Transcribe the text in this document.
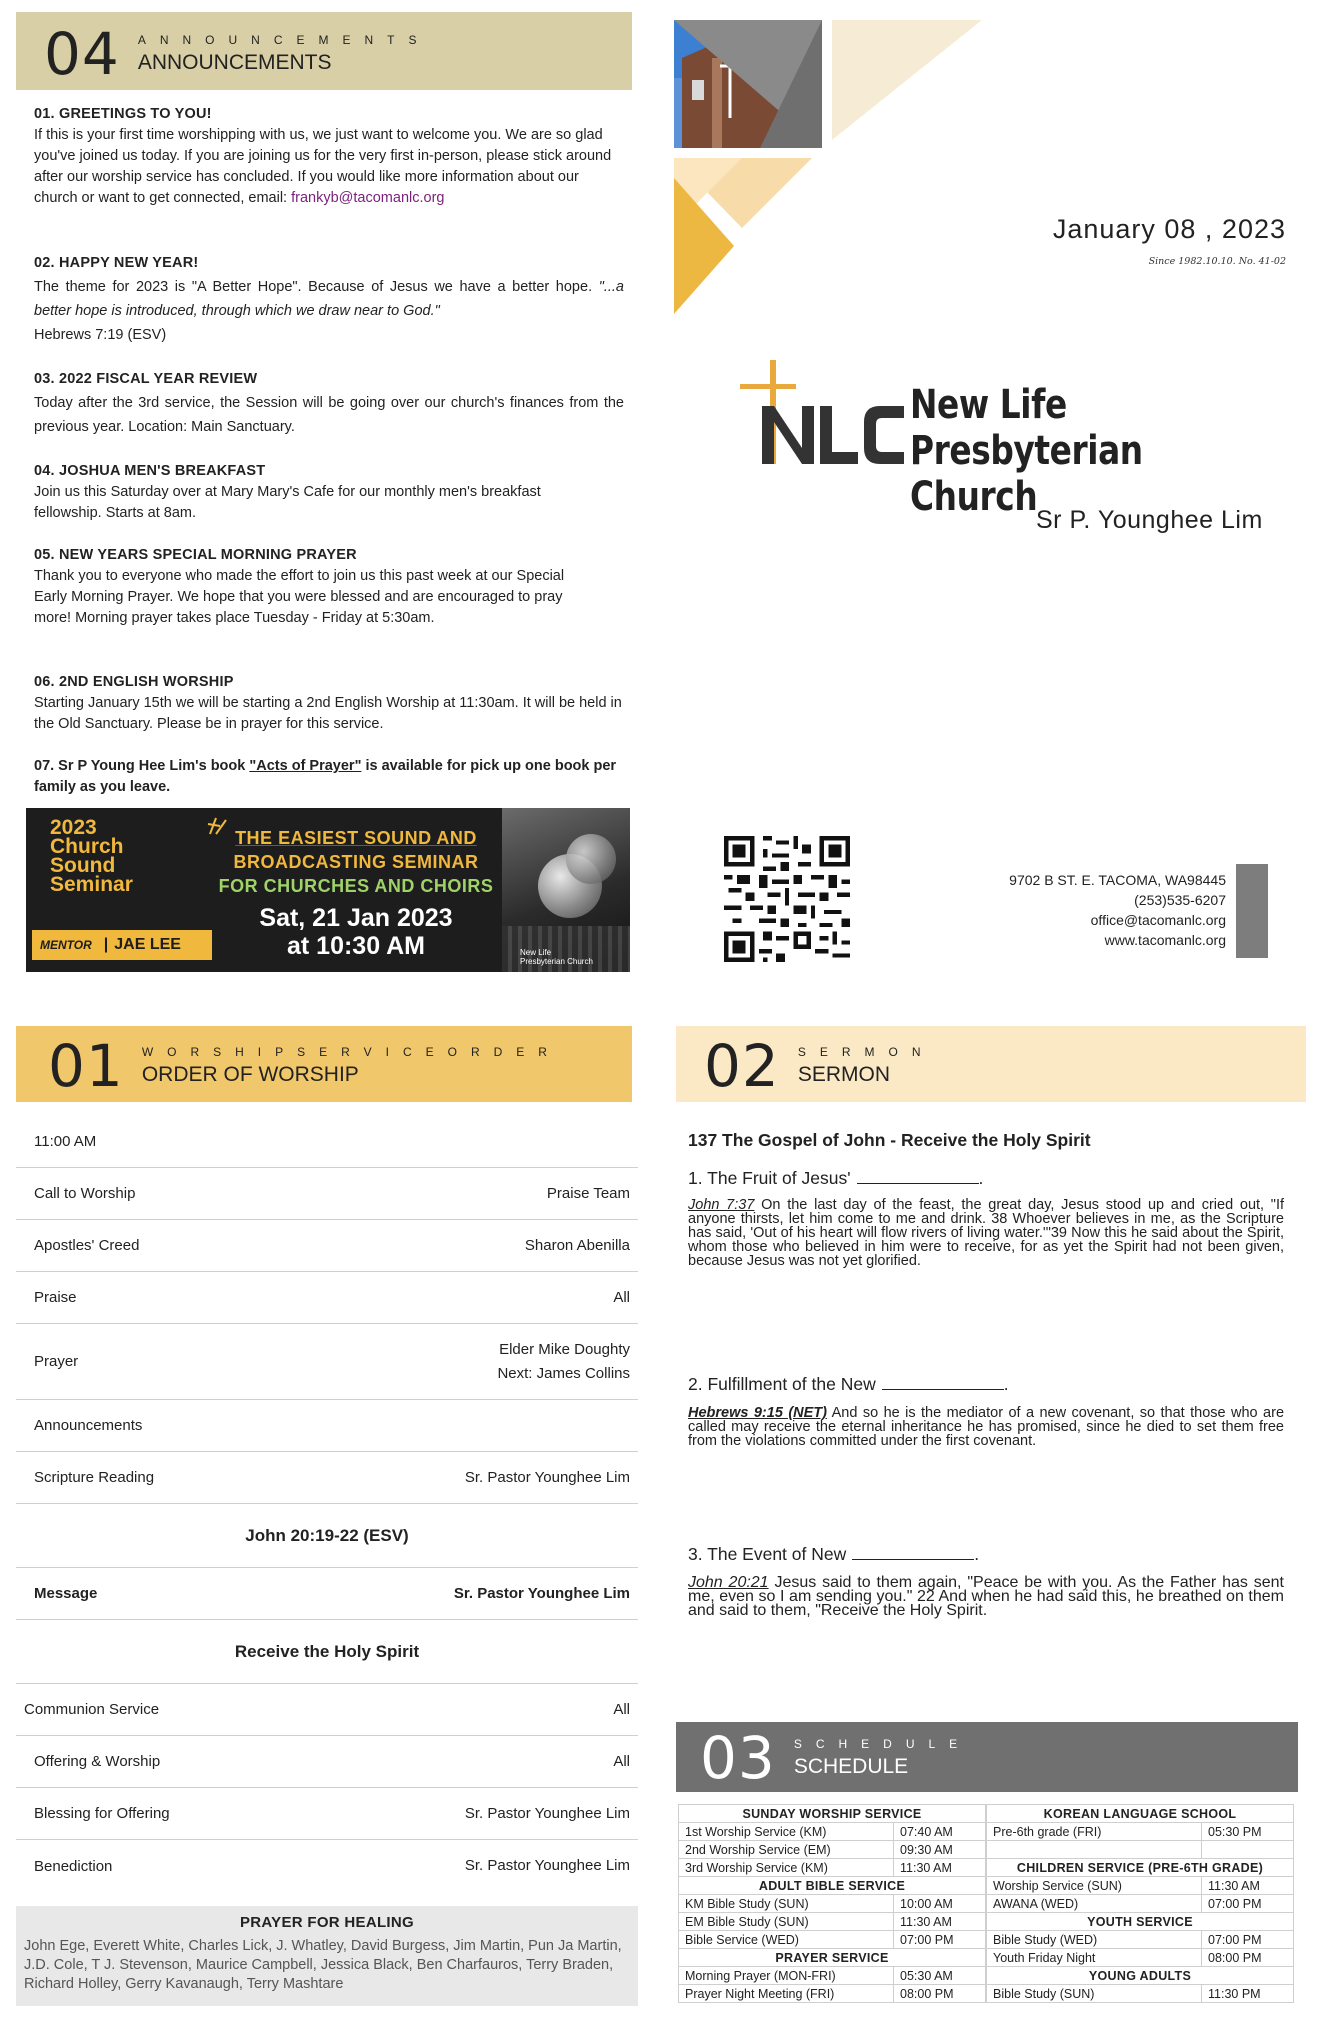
04 ANNOUNCEMENTS
ANNOUNCEMENTS
01. GREETINGS TO YOU!
If this is your first time worshipping with us, we just want to welcome you. We are so glad you've joined us today. If you are joining us for the very first in-person, please stick around after our worship service has concluded. If you would like more information about our church or want to get connected, email: frankyb@tacomanlc.org
02. HAPPY NEW YEAR!
The theme for 2023 is "A Better Hope". Because of Jesus we have a better hope. "...a better hope is introduced, through which we draw near to God."
Hebrews 7:19 (ESV)
03. 2022 FISCAL YEAR REVIEW
Today after the 3rd service, the Session will be going over our church's finances from the previous year. Location: Main Sanctuary.
04. JOSHUA MEN'S BREAKFAST
Join us this Saturday over at Mary Mary's Cafe for our monthly men's breakfast fellowship. Starts at 8am.
05. NEW YEARS SPECIAL MORNING PRAYER
Thank you to everyone who made the effort to join us this past week at our Special Early Morning Prayer. We hope that you were blessed and are encouraged to pray more! Morning prayer takes place Tuesday - Friday at 5:30am.
06. 2ND ENGLISH WORSHIP
Starting January 15th we will be starting a 2nd English Worship at 11:30am. It will be held in the Old Sanctuary. Please be in prayer for this service.
07. Sr P Young Hee Lim's book "Acts of Prayer" is available for pick up one book per family as you leave.
2023
Church
Sound
Seminar
MENTOR | JAE LEE
THE EASIEST SOUND AND
BROADCASTING SEMINAR
FOR CHURCHES AND CHOIRS
Sat, 21 Jan 2023
at 10:30 AM	New Life
Presbyterian Church
January 08 , 2023
Since 1982.10.10. No. 41-02
New Life
Presbyterian Church
Sr P. Younghee Lim
9702 B ST. E. TACOMA, WA98445
(253)535-6207
office@tacomanlc.org
www.tacomanlc.org
01 WORSHIPSERVICEORDER
ORDER OF WORSHIP
11:00 AM
Call to Worship	Praise Team
Apostles' Creed	Sharon Abenilla
Praise	All
Prayer
Elder Mike Doughty
Next: James Collins
Announcements
Scripture Reading	Sr. Pastor Younghee Lim
John 20:19-22 (ESV)
Message	Sr. Pastor Younghee Lim
Receive the Holy Spirit
Communion Service	All
Offering & Worship	All
Blessing for Offering	Sr. Pastor Younghee Lim
Benediction	Sr. Pastor Younghee Lim
PRAYER FOR HEALING
John Ege, Everett White, Charles Lick, J. Whatley, David Burgess, Jim Martin, Pun Ja Martin, J.D. Cole, T J. Stevenson, Maurice Campbell, Jessica Black, Ben Charfauros, Terry Braden, Richard Holley, Gerry Kavanaugh, Terry Mashtare
02 SERMON
SERMON
137 The Gospel of John - Receive the Holy Spirit
1. The Fruit of Jesus'	.
John 7:37 On the last day of the feast, the great day, Jesus stood up and cried out, "If anyone thirsts, let him come to me and drink. 38 Whoever believes in me, as the Scripture has said, 'Out of his heart will flow rivers of living water.'"39 Now this he said about the Spirit, whom those who believed in him were to receive, for as yet the Spirit had not been given, because Jesus was not yet glorified.
2. Fulfillment of the New	.
Hebrews 9:15 (NET) And so he is the mediator of a new covenant, so that those who are called may receive the eternal inheritance he has promised, since he died to set them free from the violations committed under the first covenant.
3. The Event of New	.
John 20:21 Jesus said to them again, "Peace be with you. As the Father has sent me, even so I am sending you." 22 And when he had said this, he breathed on them and said to them, "Receive the Holy Spirit.
03 SCHEDULE
SCHEDULE
SUNDAY WORSHIP SERVICE	
1st Worship Service (KM)	07:40 AM
2nd Worship Service (EM)	09:30 AM
3rd Worship Service (KM)	11:30 AM
ADULT BIBLE SERVICE	
KM Bible Study (SUN)	10:00 AM
EM Bible Study (SUN)	11:30 AM
Bible Service (WED)	07:00 PM
PRAYER SERVICE	
Morning Prayer (MON-FRI)	05:30 AM
Prayer Night Meeting (FRI)	08:00 PM
KOREAN LANGUAGE SCHOOL	
Pre-6th grade (FRI)	05:30 PM

CHILDREN SERVICE (PRE-6TH GRADE)	
Worship Service (SUN)	11:30 AM
AWANA (WED)	07:00 PM
YOUTH SERVICE	
Bible Study (WED)	07:00 PM
Youth Friday Night	08:00 PM
YOUNG ADULTS	
Bible Study (SUN)	11:30 PM
